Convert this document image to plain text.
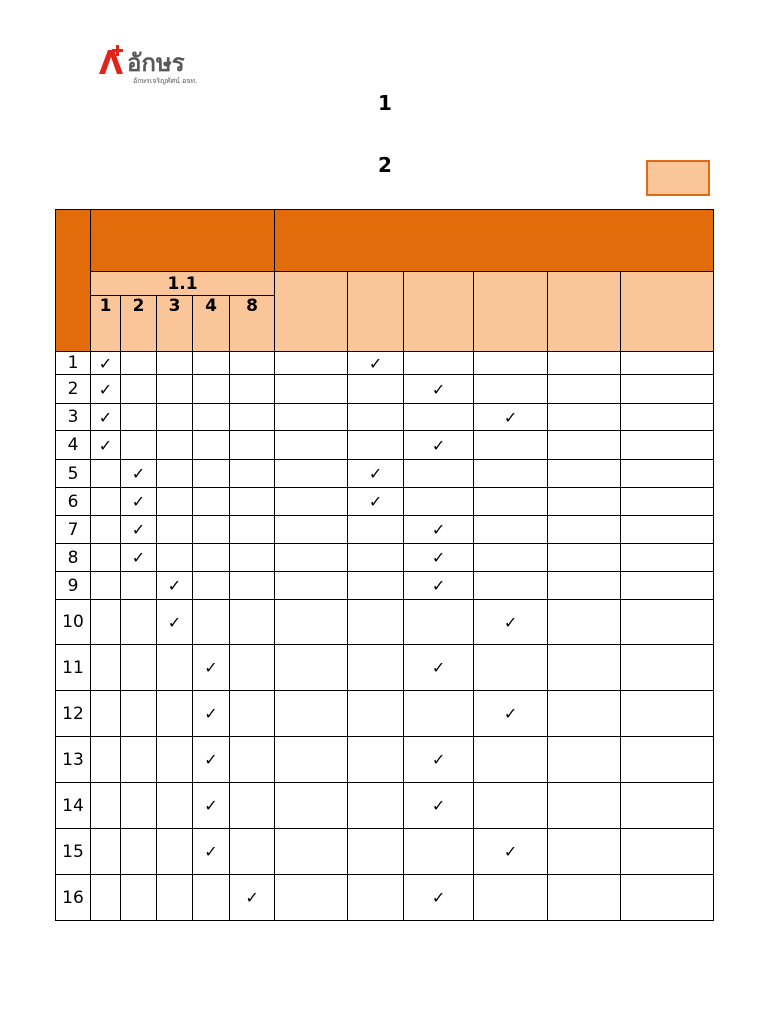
อักษร
อักษรเจริญทัศน์ อจท.
1
2

	1.1										
	1	2	3	4	8						
1	✓						✓				
2	✓							✓			
3	✓								✓		
4	✓							✓			
5		✓					✓				
6		✓					✓				
7		✓						✓			
8		✓						✓			
9			✓					✓			
10			✓						✓		
11				✓				✓			
12				✓					✓		
13				✓				✓			
14				✓				✓			
15				✓					✓		
16					✓			✓			
